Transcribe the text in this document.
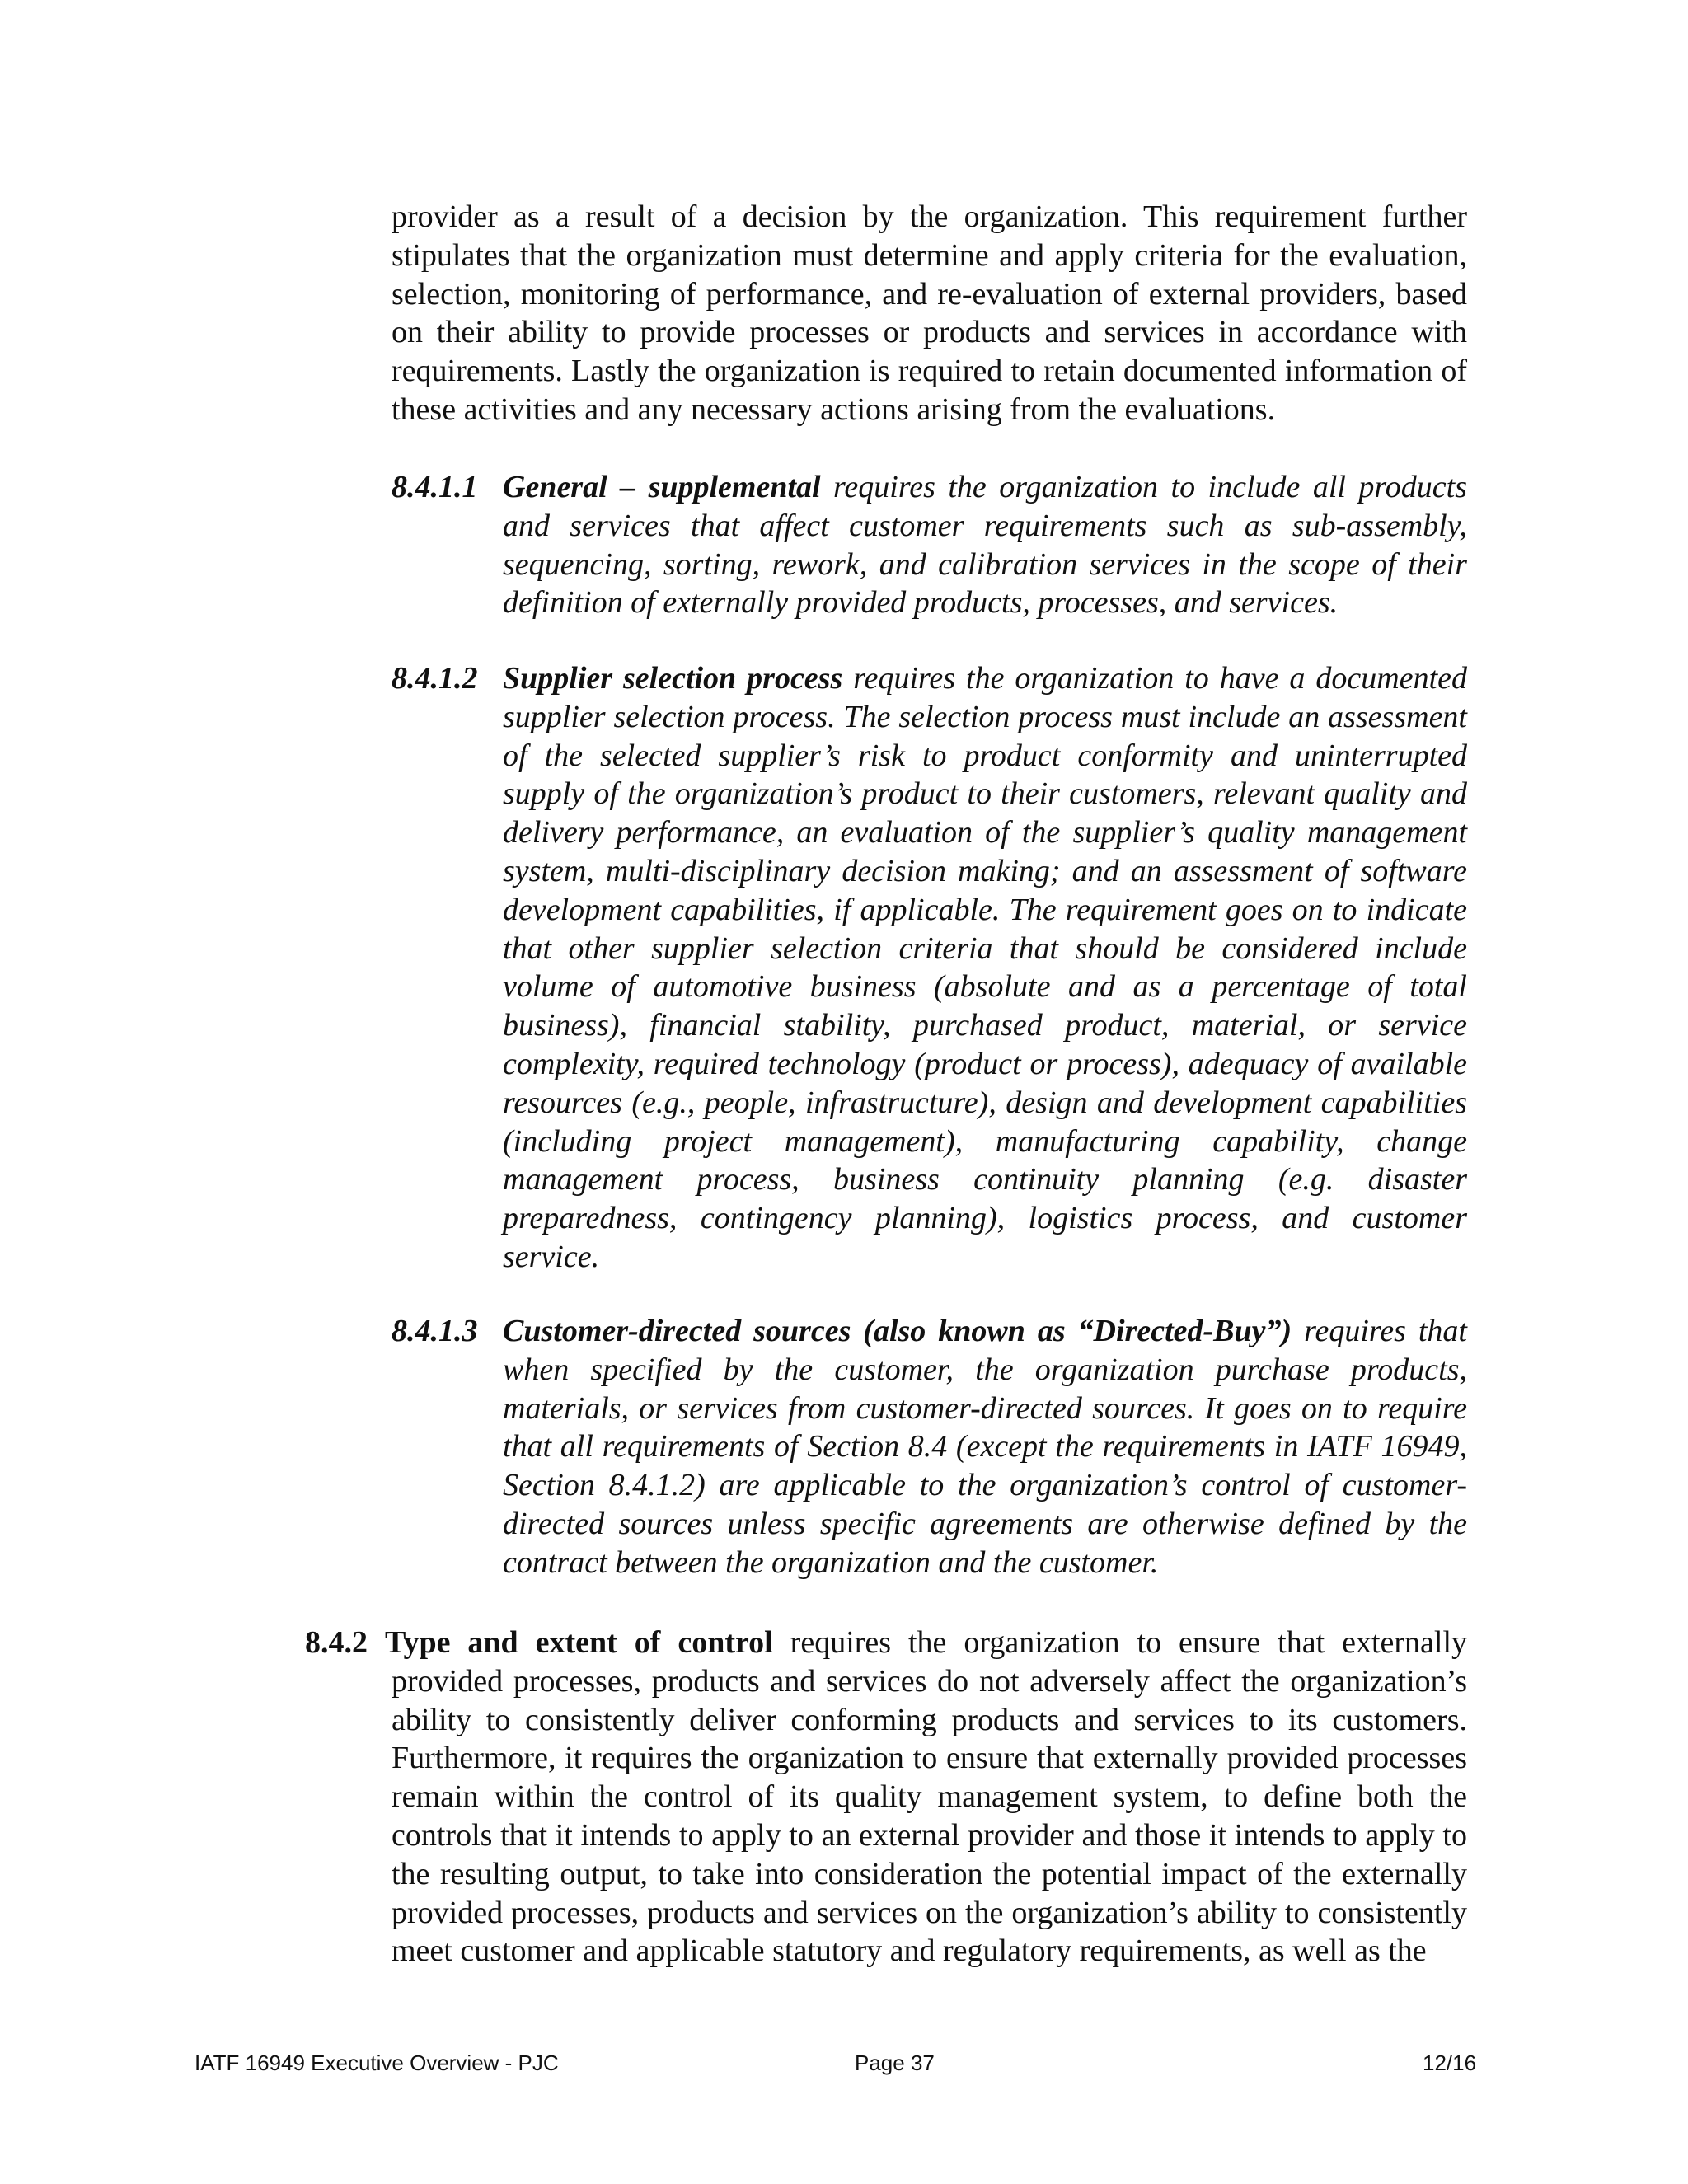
provider as a result of a decision by the organization. This requirement further stipulates that the organization must determine and apply criteria for the evaluation, selection, monitoring of performance, and re-evaluation of external providers, based on their ability to provide processes or products and services in accordance with requirements. Lastly the organization is required to retain documented information of these activities and any necessary actions arising from the evaluations.

8.4.1.1 General – supplemental requires the organization to include all products and services that affect customer requirements such as sub-assembly, sequencing, sorting, rework, and calibration services in the scope of their definition of externally provided products, processes, and services.

8.4.1.2 Supplier selection process requires the organization to have a documented supplier selection process. The selection process must include an assessment of the selected supplier’s risk to product conformity and uninterrupted supply of the organization’s product to their customers, relevant quality and delivery performance, an evaluation of the supplier’s quality management system, multi-disciplinary decision making; and an assessment of software development capabilities, if applicable. The requirement goes on to indicate that other supplier selection criteria that should be considered include volume of automotive business (absolute and as a percentage of total business), financial stability, purchased product, material, or service complexity, required technology (product or process), adequacy of available resources (e.g., people, infrastructure), design and development capabilities (including project management), manufacturing capability, change management process, business continuity planning (e.g. disaster preparedness, contingency planning), logistics process, and customer service.

8.4.1.3 Customer-directed sources (also known as “Directed-Buy”) requires that when specified by the customer, the organization purchase products, materials, or services from customer-directed sources. It goes on to require that all requirements of Section 8.4 (except the requirements in IATF 16949, Section 8.4.1.2) are applicable to the organization’s control of customer-directed sources unless specific agreements are otherwise defined by the contract between the organization and the customer.

8.4.2 Type and extent of control requires the organization to ensure that externally provided processes, products and services do not adversely affect the organization’s ability to consistently deliver conforming products and services to its customers. Furthermore, it requires the organization to ensure that externally provided processes remain within the control of its quality management system, to define both the controls that it intends to apply to an external provider and those it intends to apply to the resulting output, to take into consideration the potential impact of the externally provided processes, products and services on the organization’s ability to consistently meet customer and applicable statutory and regulatory requirements, as well as the

IATF 16949 Executive Overview - PJC	Page 37	12/16
